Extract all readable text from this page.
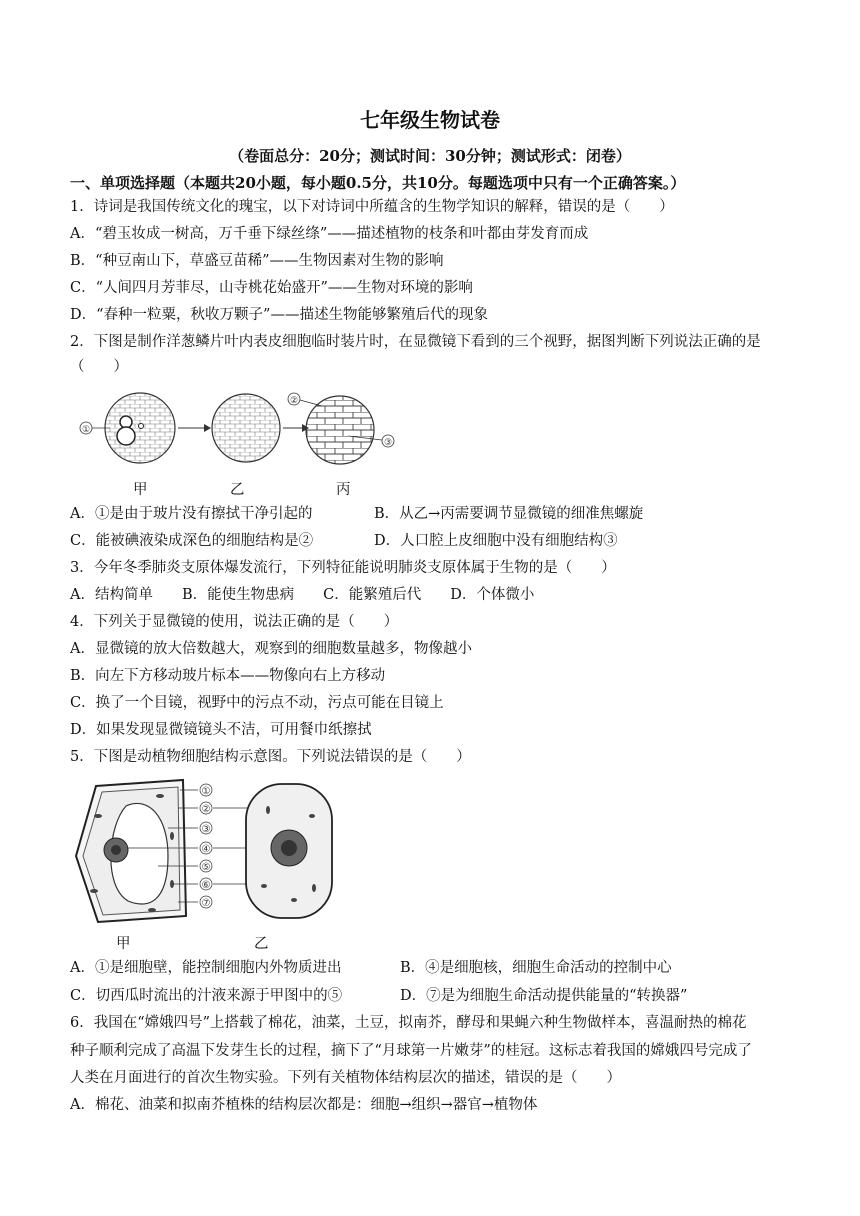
七年级生物试卷
（卷面总分：20分；测试时间：30分钟；测试形式：闭卷）
一、单项选择题（本题共20小题，每小题0.5分，共10分。每题选项中只有一个正确答案。）
1．诗词是我国传统文化的瑰宝，以下对诗词中所蕴含的生物学知识的解释，错误的是（　　）
A．“碧玉妆成一树高，万千垂下绿丝绦”——描述植物的枝条和叶都由芽发育而成
B．“种豆南山下，草盛豆苗稀”——生物因素对生物的影响
C．“人间四月芳菲尽，山寺桃花始盛开”——生物对环境的影响
D．“春种一粒粟，秋收万颗子”——描述生物能够繁殖后代的现象
2．下图是制作洋葱鳞片叶内表皮细胞临时装片时，在显微镜下看到的三个视野，据图判断下列说法正确的是
（　　）
①
②
③
甲	乙	丙
A．①是由于玻片没有擦拭干净引起的	B．从乙→丙需要调节显微镜的细准焦螺旋
C．能被碘液染成深色的细胞结构是②	D．人口腔上皮细胞中没有细胞结构③
3．今年冬季肺炎支原体爆发流行，下列特征能说明肺炎支原体属于生物的是（　　）
A．结构简单　　B．能使生物患病　　C．能繁殖后代　　D．个体微小
4．下列关于显微镜的使用，说法正确的是（　　）
A．显微镜的放大倍数越大，观察到的细胞数量越多，物像越小
B．向左下方移动玻片标本——物像向右上方移动
C．换了一个目镜，视野中的污点不动，污点可能在目镜上
D．如果发现显微镜镜头不洁，可用餐巾纸擦拭
5．下图是动植物细胞结构示意图。下列说法错误的是（　　）
①
②
③
④
⑤
⑥
⑦
甲	乙
A．①是细胞壁，能控制细胞内外物质进出	B．④是细胞核，细胞生命活动的控制中心
C．切西瓜时流出的汁液来源于甲图中的⑤	D．⑦是为细胞生命活动提供能量的“转换器”
6．我国在“嫦娥四号”上搭载了棉花，油菜，土豆，拟南芥，酵母和果蝇六种生物做样本，喜温耐热的棉花
种子顺利完成了高温下发芽生长的过程，摘下了“月球第一片嫩芽”的桂冠。这标志着我国的嫦娥四号完成了
人类在月面进行的首次生物实验。下列有关植物体结构层次的描述，错误的是（　　）
A．棉花、油菜和拟南芥植株的结构层次都是：细胞→组织→器官→植物体
